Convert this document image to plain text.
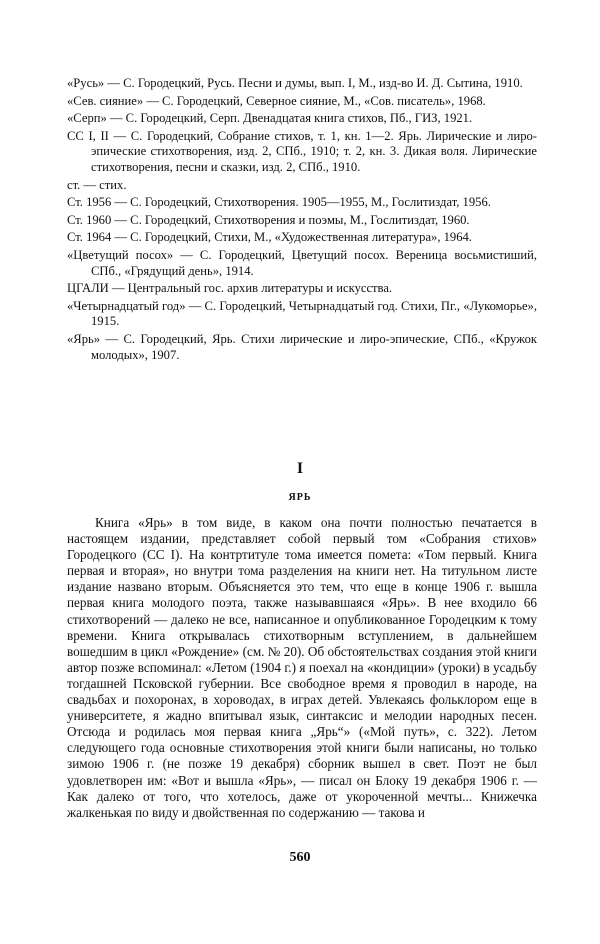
«Русь» — С. Городецкий, Русь. Песни и думы, вып. I, М., изд-во И. Д. Сытина, 1910.
«Сев. сияние» — С. Городецкий, Северное сияние, М., «Сов. писатель», 1968.
«Серп» — С. Городецкий, Серп. Двенадцатая книга стихов, Пб., ГИЗ, 1921.
СС I, II — С. Городецкий, Собрание стихов, т. 1, кн. 1—2. Ярь. Лирические и лиро-эпические стихотворения, изд. 2, СПб., 1910; т. 2, кн. 3. Дикая воля. Лирические стихотворения, песни и сказки, изд. 2, СПб., 1910.
ст. — стих.
Ст. 1956 — С. Городецкий, Стихотворения. 1905—1955, М., Гослитиздат, 1956.
Ст. 1960 — С. Городецкий, Стихотворения и поэмы, М., Гослитиздат, 1960.
Ст. 1964 — С. Городецкий, Стихи, М., «Художественная литература», 1964.
«Цветущий посох» — С. Городецкий, Цветущий посох. Вереница восьмистиший, СПб., «Грядущий день», 1914.
ЦГАЛИ — Центральный гос. архив литературы и искусства.
«Четырнадцатый год» — С. Городецкий, Четырнадцатый год. Стихи, Пг., «Лукоморье», 1915.
«Ярь» — С. Городецкий, Ярь. Стихи лирические и лиро-эпические, СПб., «Кружок молодых», 1907.
I
ЯРЬ

Книга «Ярь» в том виде, в каком она почти полностью печатается в настоящем издании, представляет собой первый том «Собрания стихов» Городецкого (СС I). На контртитуле тома имеется помета: «Том первый. Книга первая и вторая», но внутри тома разделения на книги нет. На титульном листе издание названо вторым. Объясняется это тем, что еще в конце 1906 г. вышла первая книга молодого поэта, также называвшаяся «Ярь». В нее входило 66 стихотворений — далеко не все, написанное и опубликованное Городецким к тому времени. Книга открывалась стихотворным вступлением, в дальнейшем вошедшим в цикл «Рождение» (см. № 20). Об обстоятельствах создания этой книги автор позже вспоминал: «Летом (1904 г.) я поехал на «кондиции» (уроки) в усадьбу тогдашней Псковской губернии. Все свободное время я проводил в народе, на свадьбах и похоронах, в хороводах, в играх детей. Увлекаясь фольклором еще в университете, я жадно впитывал язык, синтаксис и мелодии народных песен. Отсюда и родилась моя первая книга „Ярь“» («Мой путь», с. 322). Летом следующего года основные стихотворения этой книги были написаны, но только зимою 1906 г. (не позже 19 декабря) сборник вышел в свет. Поэт не был удовлетворен им: «Вот и вышла «Ярь», — писал он Блоку 19 декабря 1906 г. — Как далеко от того, что хотелось, даже от укороченной мечты... Книжечка жалкенькая по виду и двойственная по содержанию — такова и

560
